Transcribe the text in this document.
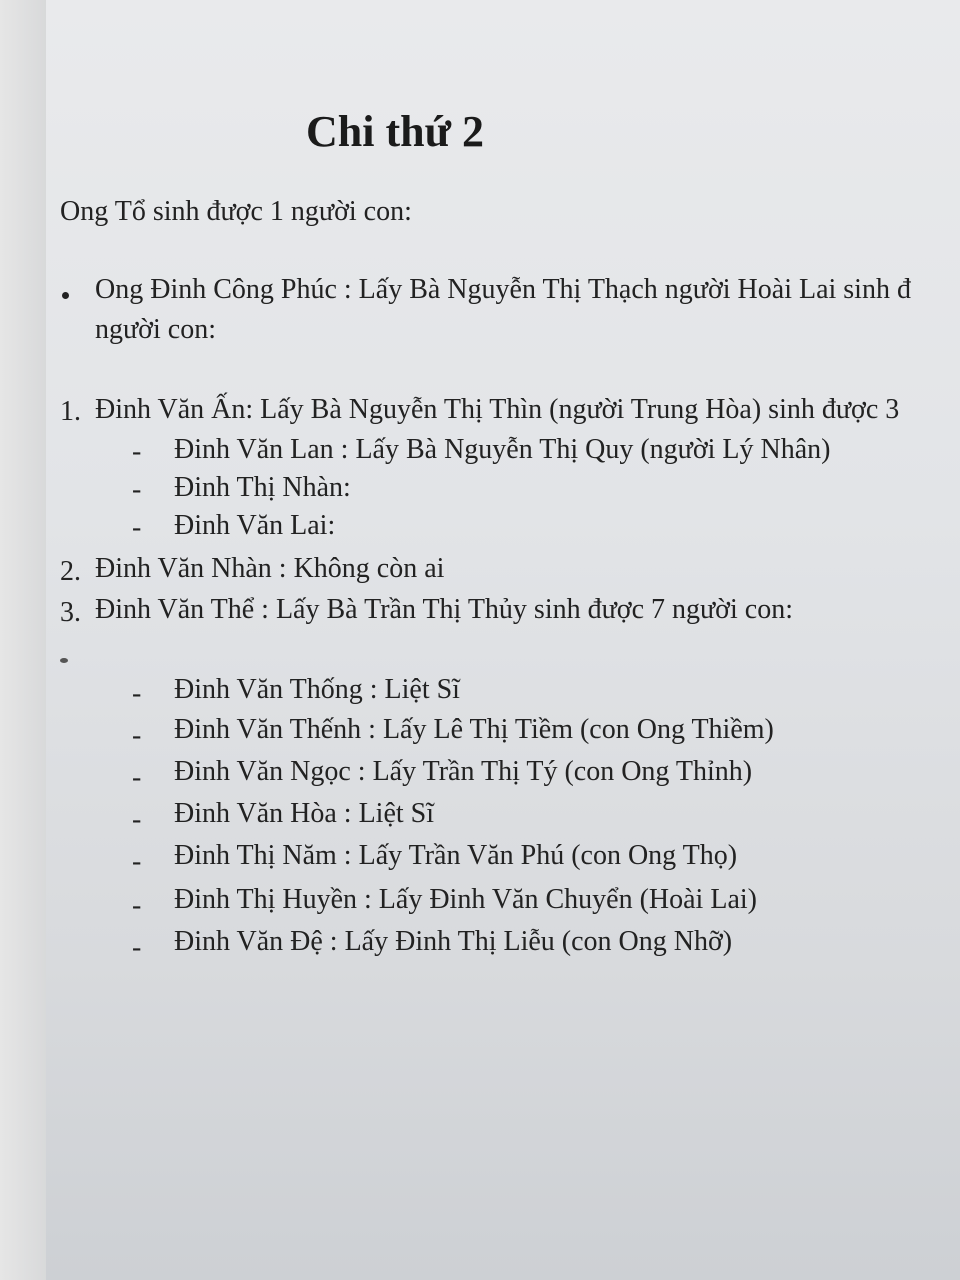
Chi thứ 2
Ong Tổ sinh được 1 người con:
Ong Đinh Công Phúc : Lấy Bà Nguyễn Thị Thạch người Hoài Lai sinh đ
người con:
1. Đinh Văn Ấn: Lấy Bà Nguyễn Thị Thìn (người Trung Hòa) sinh được 3
- Đinh Văn Lan : Lấy Bà Nguyễn Thị Quy (người Lý Nhân)
- Đinh Thị Nhàn:
- Đinh Văn Lai:
2. Đinh Văn Nhàn : Không còn ai
3. Đinh Văn Thể : Lấy Bà Trần Thị Thủy sinh được 7 người con:
- Đinh Văn Thống : Liệt Sĩ
- Đinh Văn Thếnh : Lấy Lê Thị Tiềm (con Ong Thiềm)
- Đinh Văn Ngọc : Lấy Trần Thị Tý (con Ong Thỉnh)
- Đinh Văn Hòa : Liệt Sĩ
- Đinh Thị Năm : Lấy Trần Văn Phú (con Ong Thọ)
- Đinh Thị Huyền : Lấy Đinh Văn Chuyển (Hoài Lai)
- Đinh Văn Đệ : Lấy Đinh Thị Liễu (con Ong Nhỡ)
